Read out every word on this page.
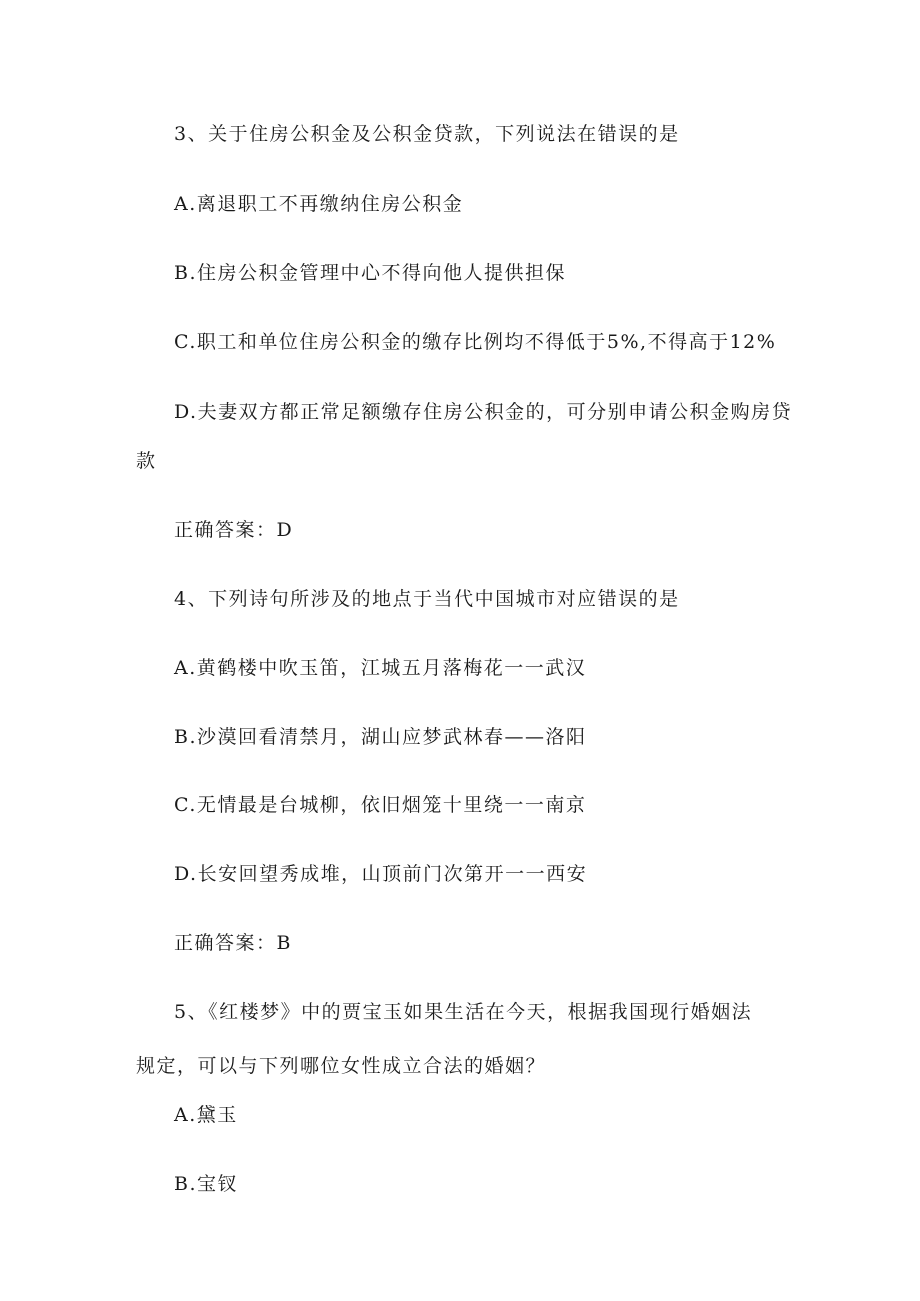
3、关于住房公积金及公积金贷款，下列说法在错误的是
A.离退职工不再缴纳住房公积金
B.住房公积金管理中心不得向他人提供担保
C.职工和单位住房公积金的缴存比例均不得低于5%,不得高于12%
D.夫妻双方都正常足额缴存住房公积金的，可分别申请公积金购房贷
款
正确答案：D
4、下列诗句所涉及的地点于当代中国城市对应错误的是
A.黄鹤楼中吹玉笛，江城五月落梅花一一武汉
B.沙漠回看清禁月，湖山应梦武林春——洛阳
C.无情最是台城柳，依旧烟笼十里绕一一南京
D.长安回望秀成堆，山顶前门次第开一一西安
正确答案：B
5、《红楼梦》中的贾宝玉如果生活在今天，根据我国现行婚姻法
规定，可以与下列哪位女性成立合法的婚姻？
A.黛玉
B.宝钗
